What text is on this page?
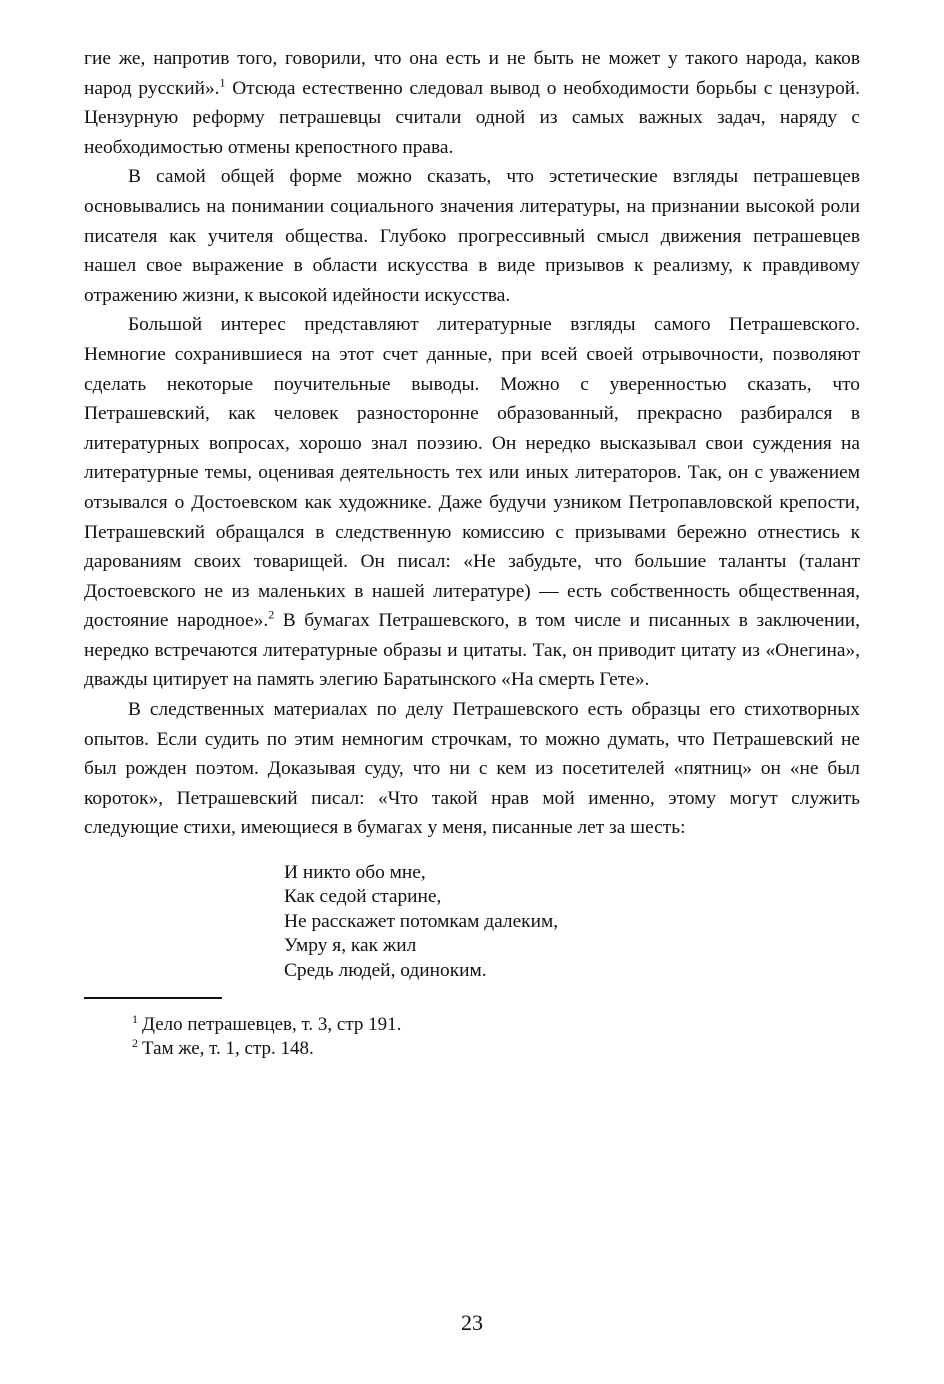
гие же, напротив того, говорили, что она есть и не быть не может у такого народа, каков народ русский».$^1$ Отсюда естественно следовал вывод о необходимости борьбы с цензурой. Цензурную реформу петрашевцы считали одной из самых важных задач, наряду с необходимостью отмены крепостного права.

В самой общей форме можно сказать, что эстетические взгляды петрашевцев основывались на понимании социального значения литературы, на признании высокой роли писателя как учителя общества. Глубоко прогрессивный смысл движения петрашевцев нашел свое выражение в области искусства в виде призывов к реализму, к правдивому отражению жизни, к высокой идейности искусства.

Большой интерес представляют литературные взгляды самого Петрашевского. Немногие сохранившиеся на этот счет данные, при всей своей отрывочности, позволяют сделать некоторые поучительные выводы. Можно с уверенностью сказать, что Петрашевский, как человек разносторонне образованный, прекрасно разбирался в литературных вопросах, хорошо знал поэзию. Он нередко высказывал свои суждения на литературные темы, оценивая деятельность тех или иных литераторов. Так, он с уважением отзывался о Достоевском как художнике. Даже будучи узником Петропавловской крепости, Петрашевский обращался в следственную комиссию с призывами бережно отнестись к дарованиям своих товарищей. Он писал: «Не забудьте, что большие таланты (талант Достоевского не из маленьких в нашей литературе) — есть собственность общественная, достояние народное».$^2$ В бумагах Петрашевского, в том числе и писанных в заключении, нередко встречаются литературные образы и цитаты. Так, он приводит цитату из «Онегина», дважды цитирует на память элегию Баратынского «На смерть Гете».

В следственных материалах по делу Петрашевского есть образцы его стихотворных опытов. Если судить по этим немногим строчкам, то можно думать, что Петрашевский не был рожден поэтом. Доказывая суду, что ни с кем из посетителей «пятниц» он «не был короток», Петрашевский писал: «Что такой нрав мой именно, этому могут служить следующие стихи, имеющиеся в бумагах у меня, писанные лет за шесть:

И никто обо мне,
Как седой старине,
Не расскажет потомкам далеким,
Умру я, как жил
Средь людей, одиноким.
$^1$ Дело петрашевцев, т. 3, стр 191.
$^2$ Там же, т. 1, стр. 148.
23
